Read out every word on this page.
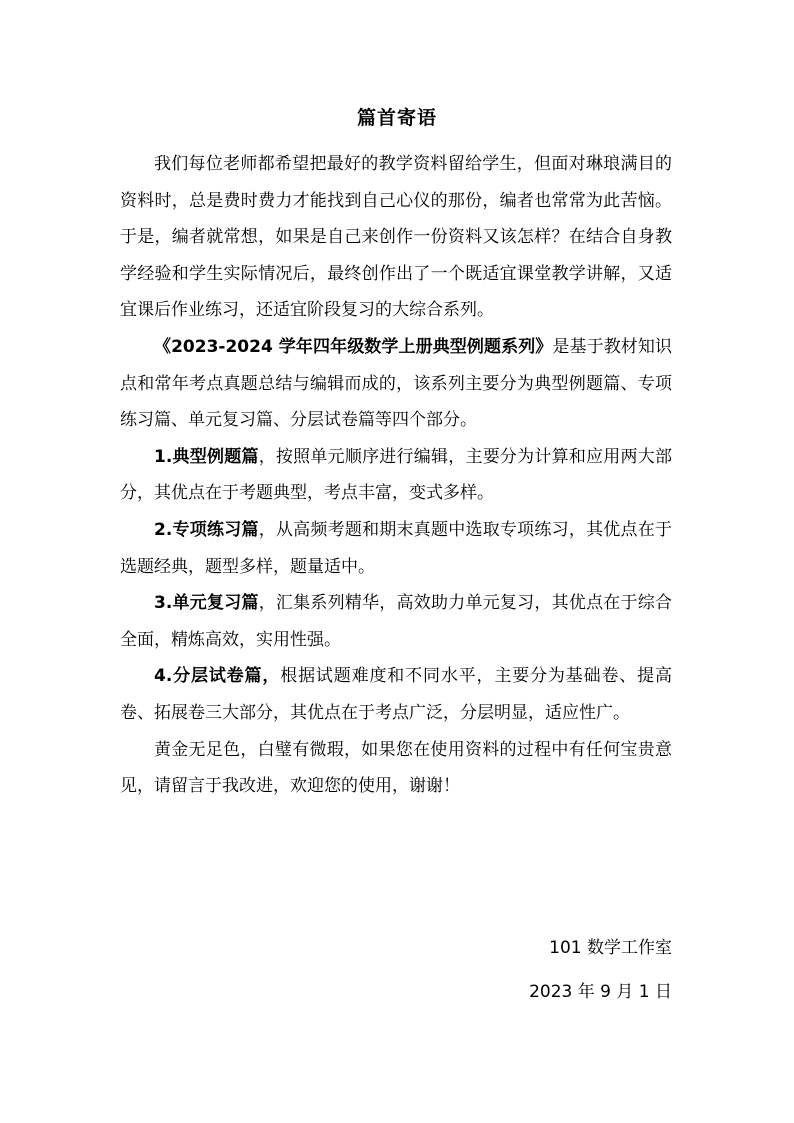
篇首寄语

我们每位老师都希望把最好的教学资料留给学生，但面对琳琅满目的资料时，总是费时费力才能找到自己心仪的那份，编者也常常为此苦恼。于是，编者就常想，如果是自己来创作一份资料又该怎样？在结合自身教学经验和学生实际情况后，最终创作出了一个既适宜课堂教学讲解，又适宜课后作业练习，还适宜阶段复习的大综合系列。

《2023-2024 学年四年级数学上册典型例题系列》是基于教材知识点和常年考点真题总结与编辑而成的，该系列主要分为典型例题篇、专项练习篇、单元复习篇、分层试卷篇等四个部分。

1.典型例题篇，按照单元顺序进行编辑，主要分为计算和应用两大部分，其优点在于考题典型，考点丰富，变式多样。

2.专项练习篇，从高频考题和期末真题中选取专项练习，其优点在于选题经典，题型多样，题量适中。

3.单元复习篇，汇集系列精华，高效助力单元复习，其优点在于综合全面，精炼高效，实用性强。

4.分层试卷篇，根据试题难度和不同水平，主要分为基础卷、提高卷、拓展卷三大部分，其优点在于考点广泛，分层明显，适应性广。

黄金无足色，白璧有微瑕，如果您在使用资料的过程中有任何宝贵意见，请留言于我改进，欢迎您的使用，谢谢！

101 数学工作室
2023 年 9 月 1 日
